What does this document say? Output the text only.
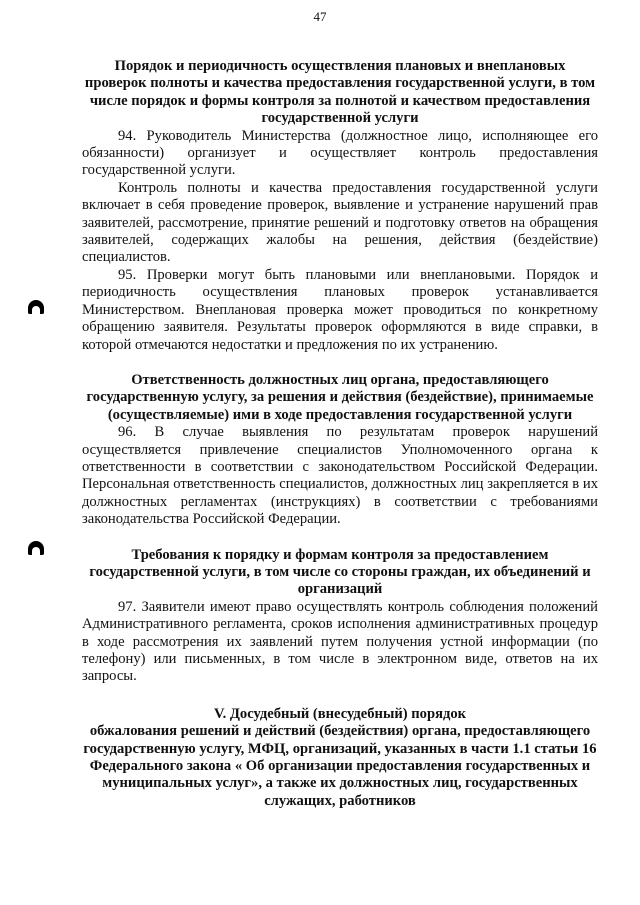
47

Порядок и периодичность осуществления плановых и внеплановых проверок полноты и качества предоставления государственной услуги, в том числе порядок и формы контроля за полнотой и качеством предоставления государственной услуги

94. Руководитель Министерства (должностное лицо, исполняющее его обязанности) организует и осуществляет контроль предоставления государственной услуги.

Контроль полноты и качества предоставления государственной услуги включает в себя проведение проверок, выявление и устранение нарушений прав заявителей, рассмотрение, принятие решений и подготовку ответов на обращения заявителей, содержащих жалобы на решения, действия (бездействие) специалистов.

95. Проверки могут быть плановыми или внеплановыми. Порядок и периодичность осуществления плановых проверок устанавливается Министерством. Внеплановая проверка может проводиться по конкретному обращению заявителя. Результаты проверок оформляются в виде справки, в которой отмечаются недостатки и предложения по их устранению.

Ответственность должностных лиц органа, предоставляющего государственную услугу, за решения и действия (бездействие), принимаемые (осуществляемые) ими в ходе предоставления государственной услуги

96. В случае выявления по результатам проверок нарушений осуществляется привлечение специалистов Уполномоченного органа к ответственности в соответствии с законодательством Российской Федерации. Персональная ответственность специалистов, должностных лиц закрепляется в их должностных регламентах (инструкциях) в соответствии с требованиями законодательства Российской Федерации.

Требования к порядку и формам контроля за предоставлением государственной услуги, в том числе со стороны граждан, их объединений и организаций

97. Заявители имеют право осуществлять контроль соблюдения положений Административного регламента, сроков исполнения административных процедур в ходе рассмотрения их заявлений путем получения устной информации (по телефону) или письменных, в том числе в электронном виде, ответов на их запросы.

V. Досудебный (внесудебный) порядок

обжалования решений и действий (бездействия) органа, предоставляющего государственную услугу, МФЦ, организаций, указанных в части 1.1 статьи 16 Федерального закона « Об организации предоставления государственных и муниципальных услуг», а также их должностных лиц, государственных служащих, работников
